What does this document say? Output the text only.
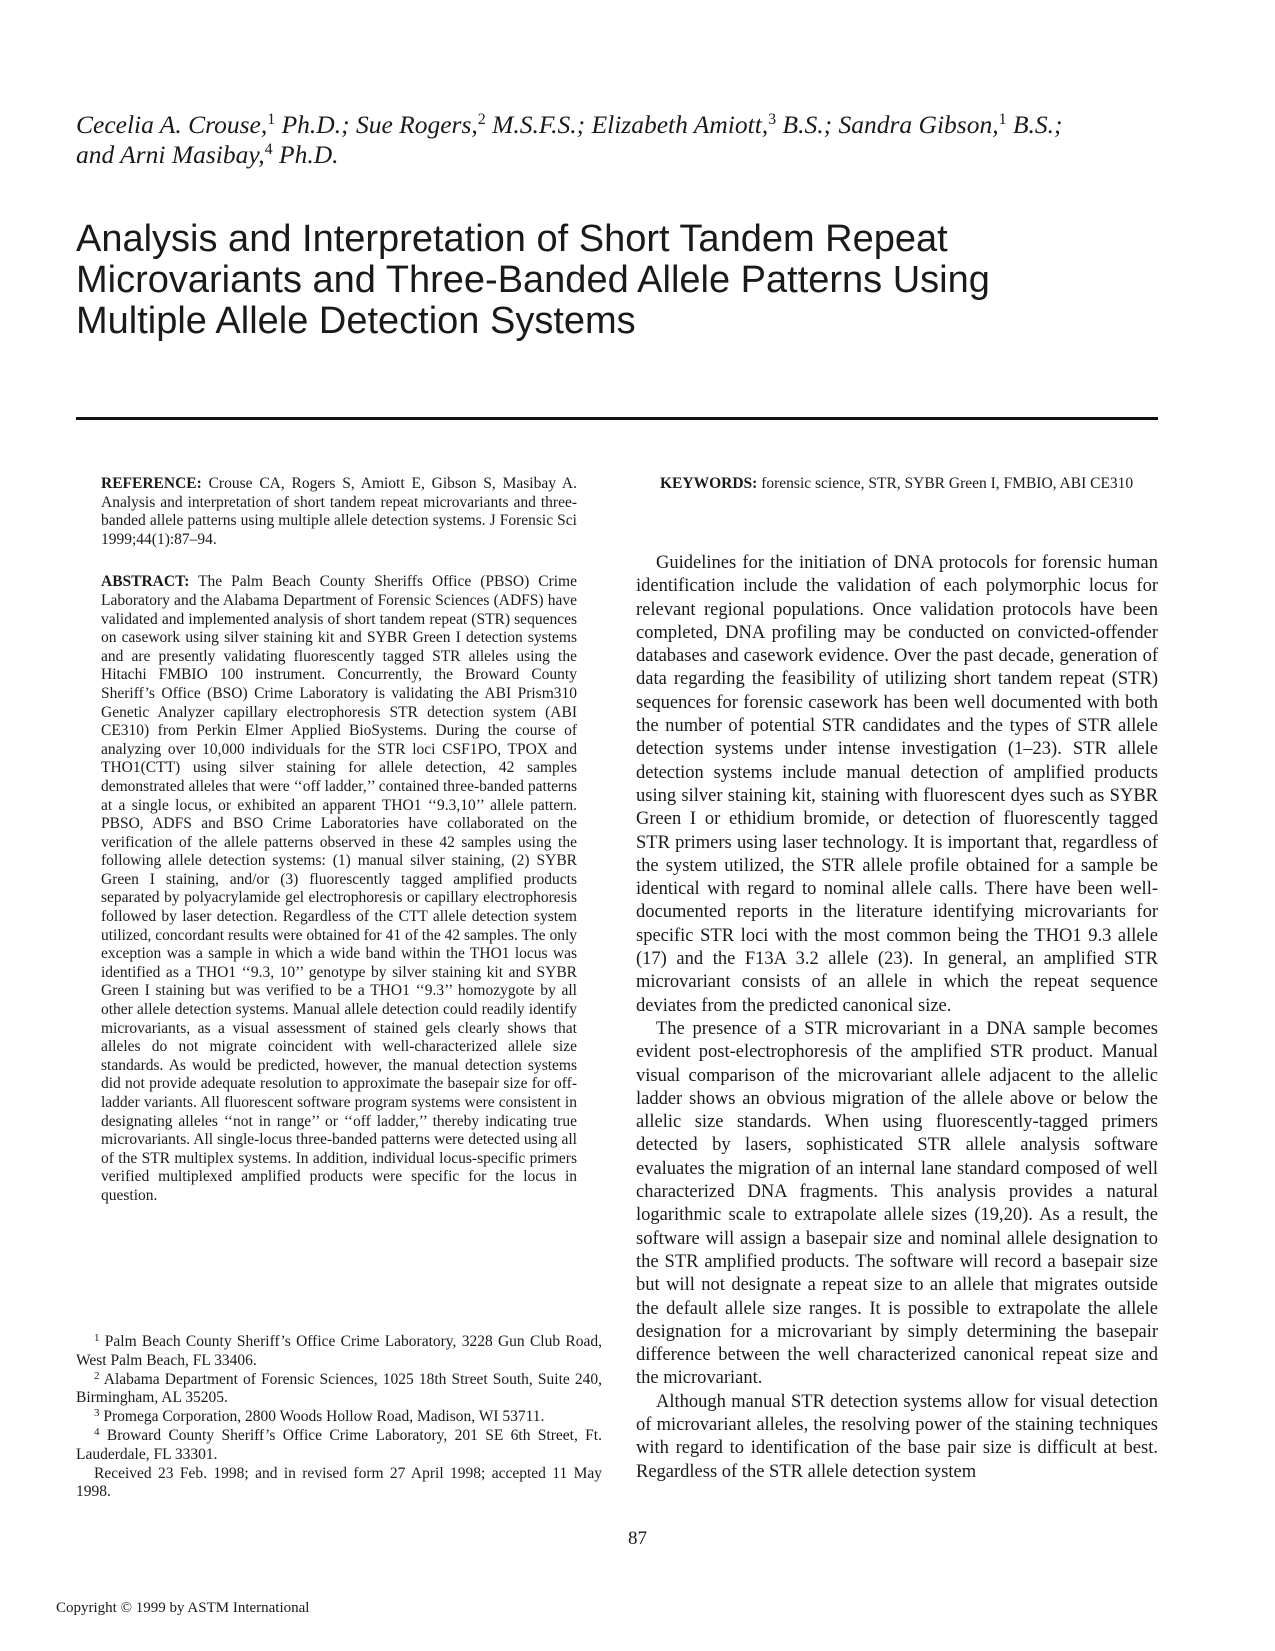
Cecelia A. Crouse,$^1$ Ph.D.; Sue Rogers,$^2$ M.S.F.S.; Elizabeth Amiott,$^3$ B.S.; Sandra Gibson,$^1$ B.S.;
and Arni Masibay,$^4$ Ph.D.
Analysis and Interpretation of Short Tandem Repeat
Microvariants and Three-Banded Allele Patterns Using
Multiple Allele Detection Systems

REFERENCE: Crouse CA, Rogers S, Amiott E, Gibson S, Masibay A. Analysis and interpretation of short tandem repeat microvariants and three-banded allele patterns using multiple allele detection systems. J Forensic Sci 1999;44(1):87–94.

ABSTRACT: The Palm Beach County Sheriffs Office (PBSO) Crime Laboratory and the Alabama Department of Forensic Sciences (ADFS) have validated and implemented analysis of short tandem repeat (STR) sequences on casework using silver staining kit and SYBR Green I detection systems and are presently validating fluorescently tagged STR alleles using the Hitachi FMBIO 100 instrument. Concurrently, the Broward County Sheriff’s Office (BSO) Crime Laboratory is validating the ABI Prism310 Genetic Analyzer capillary electrophoresis STR detection system (ABI CE310) from Perkin Elmer Applied BioSystems. During the course of analyzing over 10,000 individuals for the STR loci CSF1PO, TPOX and THO1(CTT) using silver staining for allele detection, 42 samples demonstrated alleles that were ‘‘off ladder,’’ contained three-banded patterns at a single locus, or exhibited an apparent THO1 ‘‘9.3,10’’ allele pattern. PBSO, ADFS and BSO Crime Laboratories have collaborated on the verification of the allele patterns observed in these 42 samples using the following allele detection systems: (1) manual silver staining, (2) SYBR Green I staining, and/or (3) fluorescently tagged amplified products separated by polyacrylamide gel electrophoresis or capillary electrophoresis followed by laser detection. Regardless of the CTT allele detection system utilized, concordant results were obtained for 41 of the 42 samples. The only exception was a sample in which a wide band within the THO1 locus was identified as a THO1 ‘‘9.3, 10’’ genotype by silver staining kit and SYBR Green I staining but was verified to be a THO1 ‘‘9.3’’ homozygote by all other allele detection systems. Manual allele detection could readily identify microvariants, as a visual assessment of stained gels clearly shows that alleles do not migrate coincident with well-characterized allele size standards. As would be predicted, however, the manual detection systems did not provide adequate resolution to approximate the basepair size for off-ladder variants. All fluorescent software program systems were consistent in designating alleles ‘‘not in range’’ or ‘‘off ladder,’’ thereby indicating true microvariants. All single-locus three-banded patterns were detected using all of the STR multiplex systems. In addition, individual locus-specific primers verified multiplexed amplified products were specific for the locus in question.

$^1$ Palm Beach County Sheriff’s Office Crime Laboratory, 3228 Gun Club Road, West Palm Beach, FL 33406.

$^2$ Alabama Department of Forensic Sciences, 1025 18th Street South, Suite 240, Birmingham, AL 35205.

$^3$ Promega Corporation, 2800 Woods Hollow Road, Madison, WI 53711.

$^4$ Broward County Sheriff’s Office Crime Laboratory, 201 SE 6th Street, Ft. Lauderdale, FL 33301.

Received 23 Feb. 1998; and in revised form 27 April 1998; accepted 11 May 1998.

KEYWORDS: forensic science, STR, SYBR Green I, FMBIO, ABI CE310

Guidelines for the initiation of DNA protocols for forensic human identification include the validation of each polymorphic locus for relevant regional populations. Once validation protocols have been completed, DNA profiling may be conducted on convicted-offender databases and casework evidence. Over the past decade, generation of data regarding the feasibility of utilizing short tandem repeat (STR) sequences for forensic casework has been well documented with both the number of potential STR candidates and the types of STR allele detection systems under intense investigation (1–23). STR allele detection systems include manual detection of amplified products using silver staining kit, staining with fluorescent dyes such as SYBR Green I or ethidium bromide, or detection of fluorescently tagged STR primers using laser technology. It is important that, regardless of the system utilized, the STR allele profile obtained for a sample be identical with regard to nominal allele calls. There have been well-documented reports in the literature identifying microvariants for specific STR loci with the most common being the THO1 9.3 allele (17) and the F13A 3.2 allele (23). In general, an amplified STR microvariant consists of an allele in which the repeat sequence deviates from the predicted canonical size.

The presence of a STR microvariant in a DNA sample becomes evident post-electrophoresis of the amplified STR product. Manual visual comparison of the microvariant allele adjacent to the allelic ladder shows an obvious migration of the allele above or below the allelic size standards. When using fluorescently-tagged primers detected by lasers, sophisticated STR allele analysis software evaluates the migration of an internal lane standard composed of well characterized DNA fragments. This analysis provides a natural logarithmic scale to extrapolate allele sizes (19,20). As a result, the software will assign a basepair size and nominal allele designation to the STR amplified products. The software will record a basepair size but will not designate a repeat size to an allele that migrates outside the default allele size ranges. It is possible to extrapolate the allele designation for a microvariant by simply determining the basepair difference between the well characterized canonical repeat size and the microvariant.

Although manual STR detection systems allow for visual detection of microvariant alleles, the resolving power of the staining techniques with regard to identification of the base pair size is difficult at best. Regardless of the STR allele detection system

87
Copyright © 1999 by ASTM International
